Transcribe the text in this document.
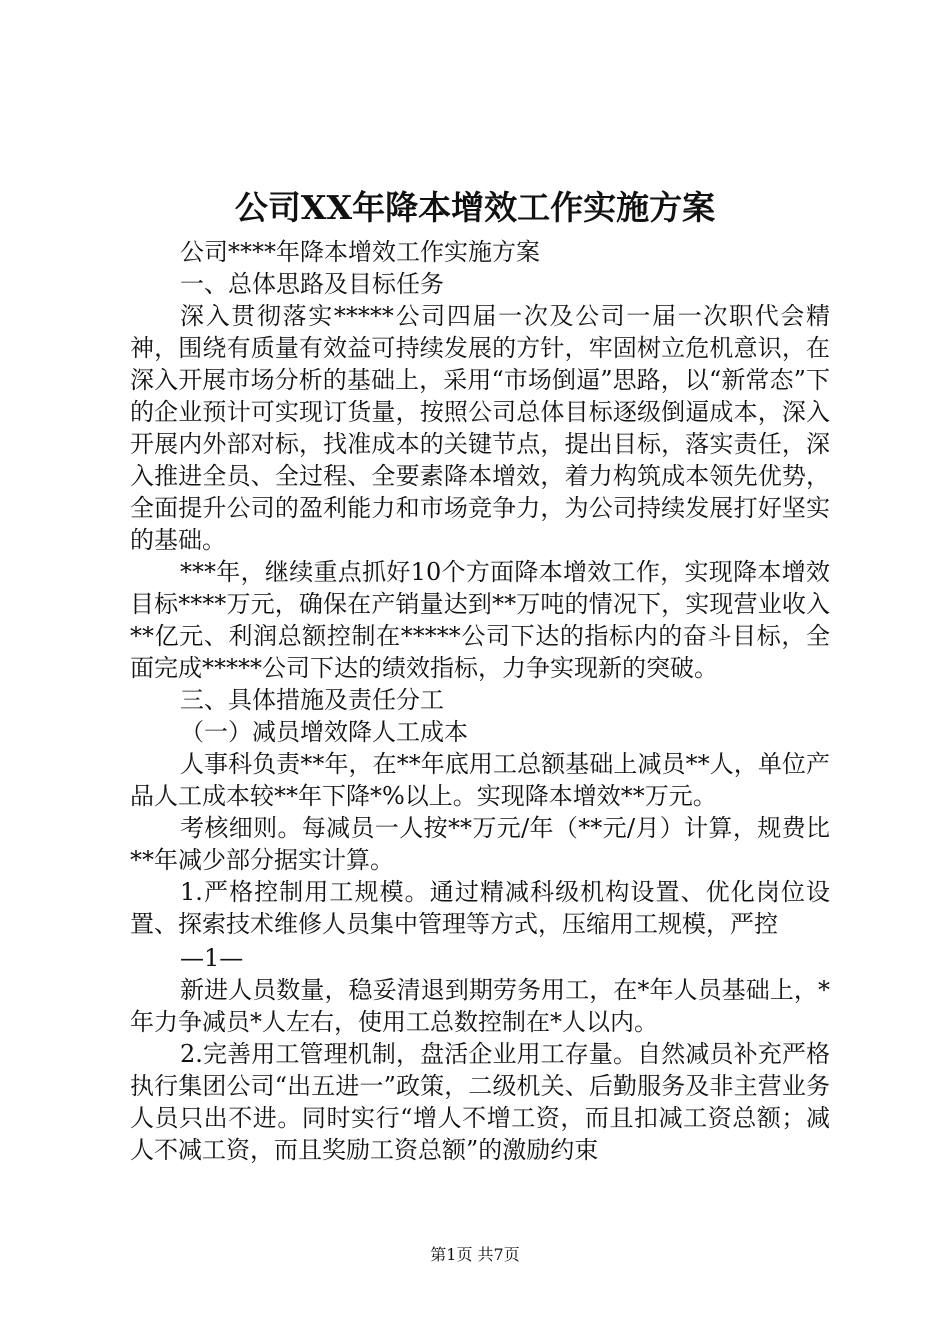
公司XX年降本增效工作实施方案

公司****年降本增效工作实施方案

一、总体思路及目标任务

深入贯彻落实*****公司四届一次及公司一届一次职代会精神，围绕有质量有效益可持续发展的方针，牢固树立危机意识，在深入开展市场分析的基础上，采用“市场倒逼”思路，以“新常态”下的企业预计可实现订货量，按照公司总体目标逐级倒逼成本，深入开展内外部对标，找准成本的关键节点，提出目标，落实责任，深入推进全员、全过程、全要素降本增效，着力构筑成本领先优势，全面提升公司的盈利能力和市场竞争力，为公司持续发展打好坚实的基础。

***年，继续重点抓好10个方面降本增效工作，实现降本增效目标****万元，确保在产销量达到**万吨的情况下，实现营业收入**亿元、利润总额控制在*****公司下达的指标内的奋斗目标，全面完成*****公司下达的绩效指标，力争实现新的突破。

三、具体措施及责任分工

（一）减员增效降人工成本

人事科负责**年，在**年底用工总额基础上减员**人，单位产品人工成本较**年下降*%以上。实现降本增效**万元。

考核细则。每减员一人按**万元/年（**元/月）计算，规费比**年减少部分据实计算。

1.严格控制用工规模。通过精减科级机构设置、优化岗位设置、探索技术维修人员集中管理等方式，压缩用工规模，严控

—1—

新进人员数量，稳妥清退到期劳务用工，在*年人员基础上，*年力争减员*人左右，使用工总数控制在*人以内。

2.完善用工管理机制，盘活企业用工存量。自然减员补充严格执行集团公司“出五进一”政策，二级机关、后勤服务及非主营业务人员只出不进。同时实行“增人不增工资，而且扣减工资总额；减人不减工资，而且奖励工资总额”的激励约束

第1页 共7页
